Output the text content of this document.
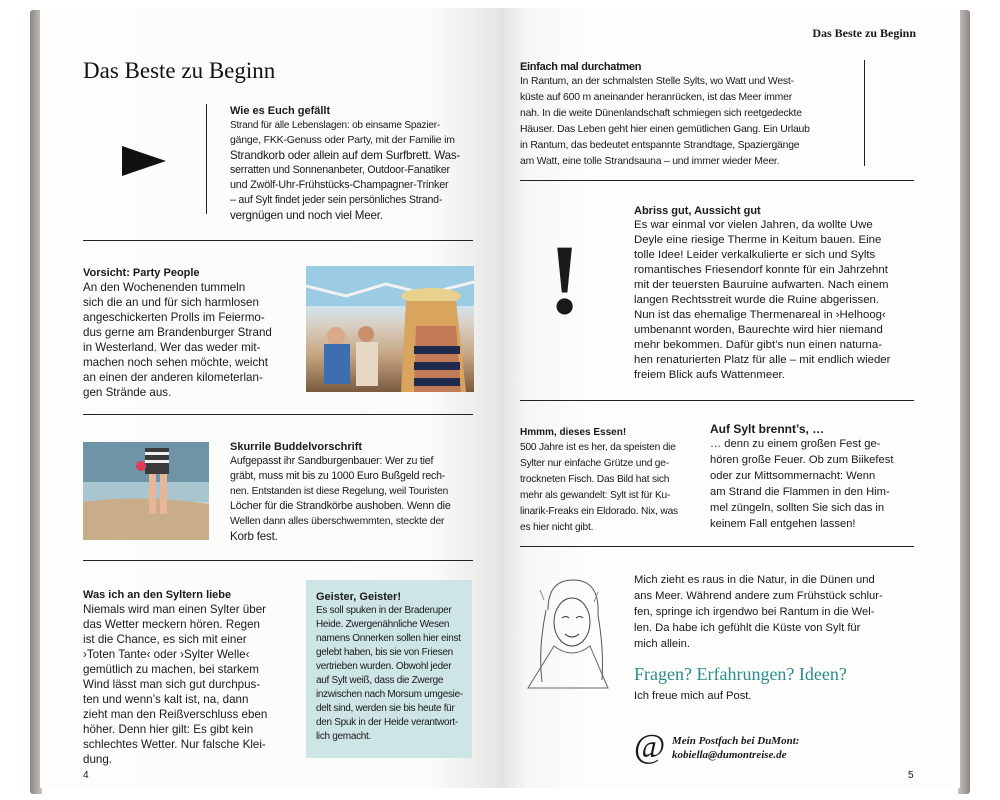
Das Beste zu Beginn
Wie es Euch gefällt
Strand für alle Lebenslagen: ob einsame Spazier-
gänge, FKK-Genuss oder Party, mit der Familie im
Strandkorb oder allein auf dem Surfbrett. Was-
serratten und Sonnenanbeter, Outdoor-Fanatiker
und Zwölf-Uhr-Frühstücks-Champagner-Trinker
– auf Sylt findet jeder sein persönliches Strand-
vergnügen und noch viel Meer.
Vorsicht: Party People
An den Wochenenden tummeln
sich die an und für sich harmlosen
angeschickerten Prolls im Feiermo-
dus gerne am Brandenburger Strand
in Westerland. Wer das weder mit-
machen noch sehen möchte, weicht
an einen der anderen kilometerlan-
gen Strände aus.
Skurrile Buddelvorschrift
Aufgepasst ihr Sandburgenbauer: Wer zu tief
gräbt, muss mit bis zu 1000 Euro Bußgeld rech-
nen. Entstanden ist diese Regelung, weil Touristen
Löcher für die Strandkörbe aushoben. Wenn die
Wellen dann alles überschwemmten, steckte der
Korb fest.
Was ich an den Syltern liebe
Niemals wird man einen Sylter über
das Wetter meckern hören. Regen
ist die Chance, es sich mit einer
›Toten Tante‹ oder ›Sylter Welle‹
gemütlich zu machen, bei starkem
Wind lässt man sich gut durchpus-
ten und wenn’s kalt ist, na, dann
zieht man den Reißverschluss eben
höher. Denn hier gilt: Es gibt kein
schlechtes Wetter. Nur falsche Klei-
dung.
Geister, Geister!
Es soll spuken in der Braderuper
Heide. Zwergenähnliche Wesen
namens Onnerken sollen hier einst
gelebt haben, bis sie von Friesen
vertrieben wurden. Obwohl jeder
auf Sylt weiß, dass die Zwerge
inzwischen nach Morsum umgesie-
delt sind, werden sie bis heute für
den Spuk in der Heide verantwort-
lich gemacht.
4
Das Beste zu Beginn
Einfach mal durchatmen
In Rantum, an der schmalsten Stelle Sylts, wo Watt und West-
küste auf 600 m aneinander heranrücken, ist das Meer immer
nah. In die weite Dünenlandschaft schmiegen sich reetgedeckte
Häuser. Das Leben geht hier einen gemütlichen Gang. Ein Urlaub
in Rantum, das bedeutet entspannte Strandtage, Spaziergänge
am Watt, eine tolle Strandsauna – und immer wieder Meer.
!
Abriss gut, Aussicht gut
Es war einmal vor vielen Jahren, da wollte Uwe
Deyle eine riesige Therme in Keitum bauen. Eine
tolle Idee! Leider verkalkulierte er sich und Sylts
romantisches Friesendorf konnte für ein Jahrzehnt
mit der teuersten Bauruine aufwarten. Nach einem
langen Rechtsstreit wurde die Ruine abgerissen.
Nun ist das ehemalige Thermenareal in ›Helhoog‹
umbenannt worden, Baurechte wird hier niemand
mehr bekommen. Dafür gibt’s nun einen naturna-
hen renaturierten Platz für alle – mit endlich wieder
freiem Blick aufs Wattenmeer.
Hmmm, dieses Essen!
500 Jahre ist es her, da speisten die
Sylter nur einfache Grütze und ge-
trockneten Fisch. Das Bild hat sich
mehr als gewandelt: Sylt ist für Ku-
linarik-Freaks ein Eldorado. Nix, was
es hier nicht gibt.
Auf Sylt brennt’s, …
… denn zu einem großen Fest ge-
hören große Feuer. Ob zum Biikefest
oder zur Mittsommernacht: Wenn
am Strand die Flammen in den Him-
mel züngeln, sollten Sie sich das in
keinem Fall entgehen lassen!
Mich zieht es raus in die Natur, in die Dünen und
ans Meer. Während andere zum Frühstück schlur-
fen, springe ich irgendwo bei Rantum in die Wel-
len. Da habe ich gefühlt die Küste von Sylt für
mich allein.
Fragen? Erfahrungen? Ideen?
Ich freue mich auf Post.
@ Mein Postfach bei DuMont:
kobiella@dumontreise.de
5
